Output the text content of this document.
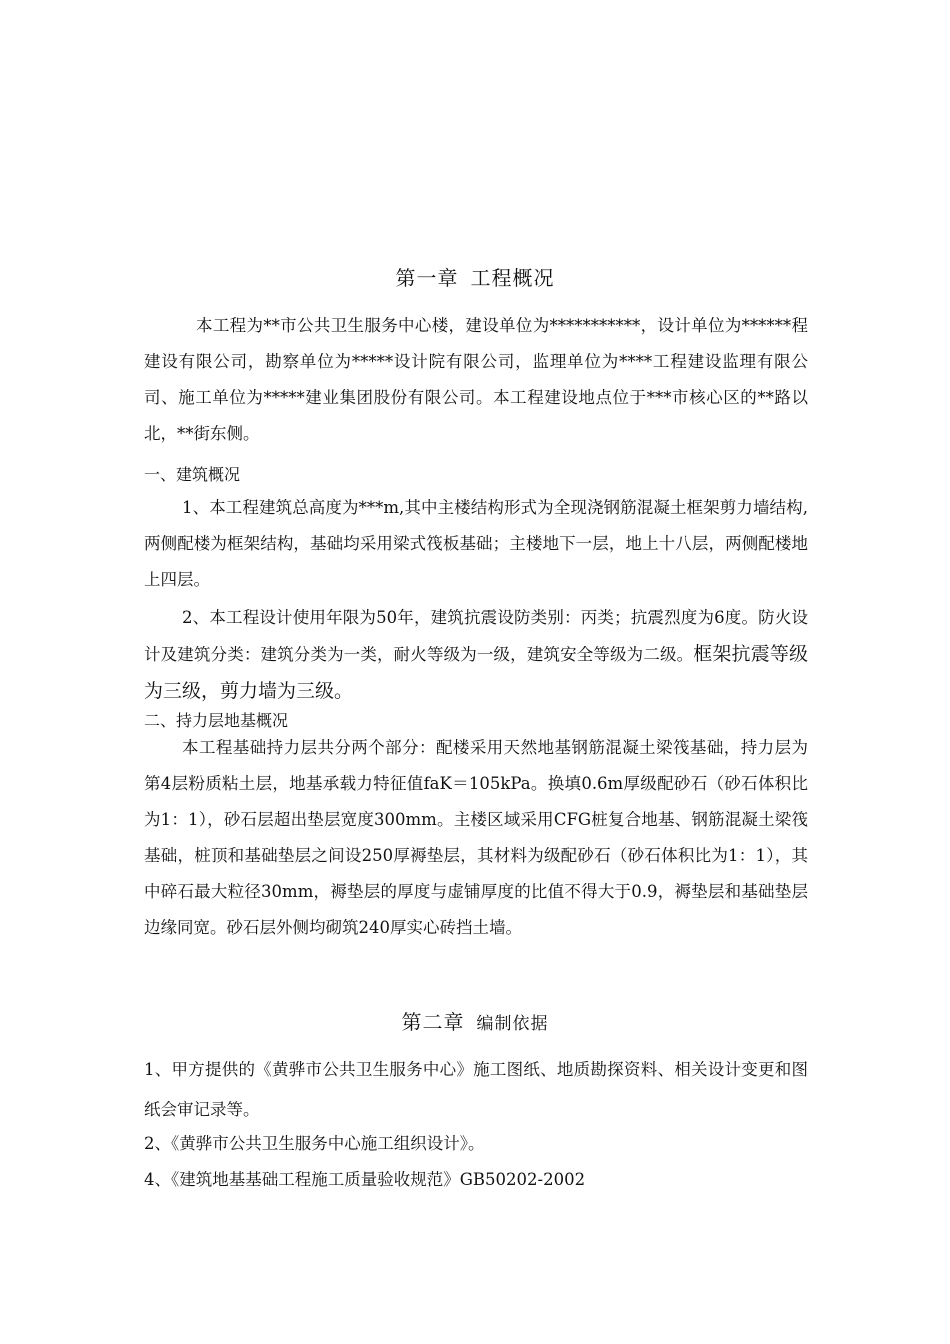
第一章 工程概况

本工程为**市公共卫生服务中心楼，建设单位为***********，设计单位为******程建设有限公司，勘察单位为*****设计院有限公司，监理单位为****工程建设监理有限公司、施工单位为*****建业集团股份有限公司。本工程建设地点位于***市核心区的**路以北，**街东侧。

一、建筑概况

1、本工程建筑总高度为***m,其中主楼结构形式为全现浇钢筋混凝土框架剪力墙结构,两侧配楼为框架结构，基础均采用梁式筏板基础；主楼地下一层，地上十八层，两侧配楼地上四层。

2、本工程设计使用年限为50年，建筑抗震设防类别：丙类；抗震烈度为6度。防火设计及建筑分类：建筑分类为一类，耐火等级为一级，建筑安全等级为二级。框架抗震等级为三级，剪力墙为三级。

二、持力层地基概况

本工程基础持力层共分两个部分：配楼采用天然地基钢筋混凝土梁筏基础，持力层为第4层粉质粘土层，地基承载力特征值faK＝105kPa。换填0.6m厚级配砂石（砂石体积比为1：1），砂石层超出垫层宽度300mm。主楼区域采用CFG桩复合地基、钢筋混凝土梁筏基础，桩顶和基础垫层之间设250厚褥垫层，其材料为级配砂石（砂石体积比为1：1），其中碎石最大粒径30mm，褥垫层的厚度与虚铺厚度的比值不得大于0.9，褥垫层和基础垫层边缘同宽。砂石层外侧均砌筑240厚实心砖挡土墙。

第二章 编制依据

1、甲方提供的《黄骅市公共卫生服务中心》施工图纸、地质勘探资料、相关设计变更和图纸会审记录等。

2、《黄骅市公共卫生服务中心施工组织设计》。

4、《建筑地基基础工程施工质量验收规范》GB50202-2002
